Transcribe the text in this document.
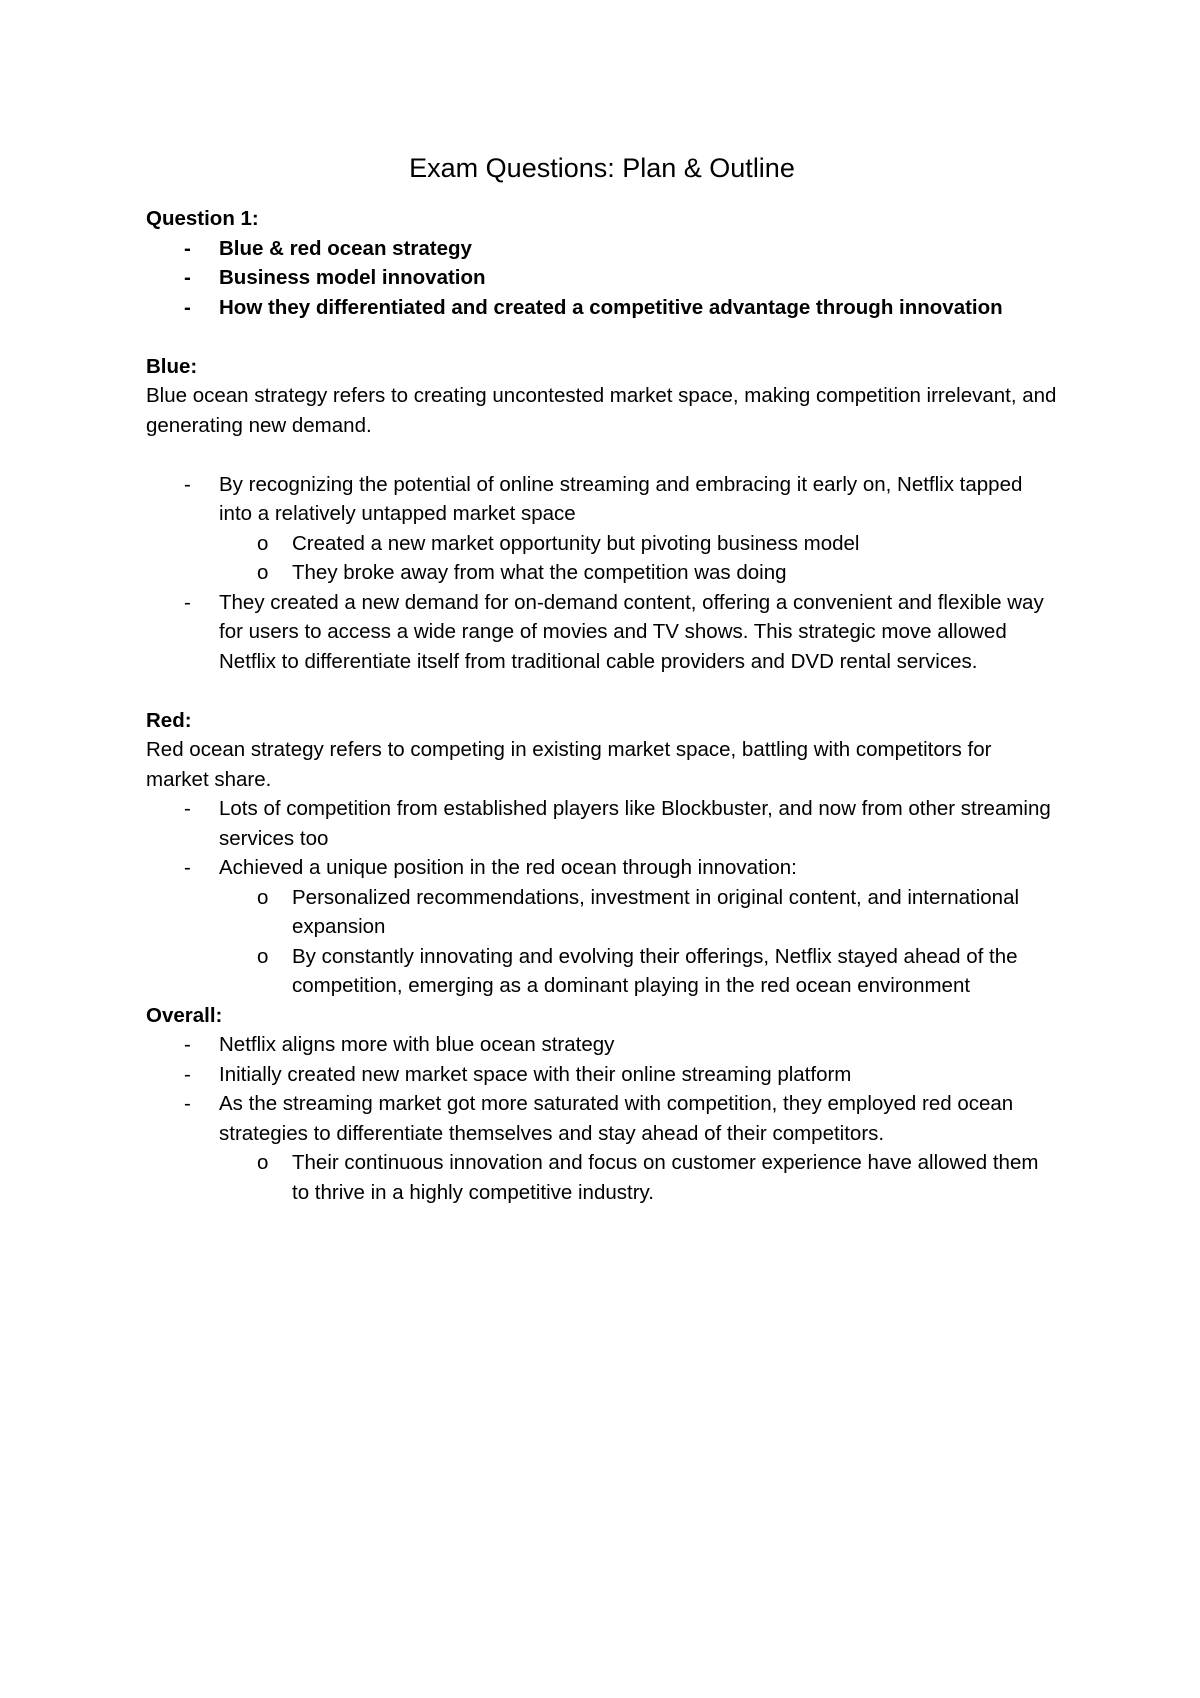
Exam Questions: Plan & Outline

Question 1:

- Blue & red ocean strategy
- Business model innovation
- How they differentiated and created a competitive advantage through innovation

Blue:

Blue ocean strategy refers to creating uncontested market space, making competition irrelevant, and generating new demand.

- By recognizing the potential of online streaming and embracing it early on, Netflix tapped into a relatively untapped market space
o Created a new market opportunity but pivoting business model
o They broke away from what the competition was doing
- They created a new demand for on-demand content, offering a convenient and flexible way for users to access a wide range of movies and TV shows. This strategic move allowed Netflix to differentiate itself from traditional cable providers and DVD rental services.

Red:

Red ocean strategy refers to competing in existing market space, battling with competitors for market share.

- Lots of competition from established players like Blockbuster, and now from other streaming services too
- Achieved a unique position in the red ocean through innovation:
o Personalized recommendations, investment in original content, and international expansion
o By constantly innovating and evolving their offerings, Netflix stayed ahead of the competition, emerging as a dominant playing in the red ocean environment

Overall:

- Netflix aligns more with blue ocean strategy
- Initially created new market space with their online streaming platform
- As the streaming market got more saturated with competition, they employed red ocean strategies to differentiate themselves and stay ahead of their competitors.
o Their continuous innovation and focus on customer experience have allowed them to thrive in a highly competitive industry.
